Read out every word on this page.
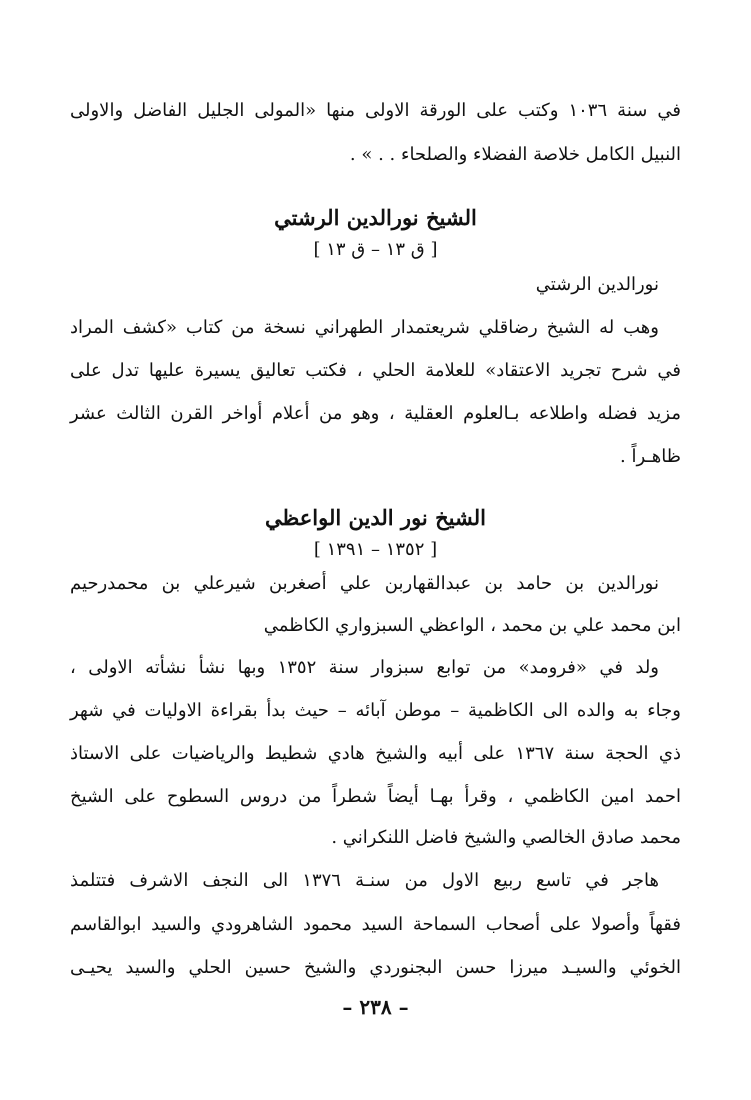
في سنة ١٠٣٦ وكتب على الورقة الاولى منها «المولى الجليل الفاضل والاولى
النبيل الكامل خلاصة الفضلاء والصلحاء . . » .
الشيخ نورالدين الرشتي
[ ق ١٣ – ق ١٣ ]
نورالدين الرشتي
وهب له الشيخ رضاقلي شريعتمدار الطهراني نسخة من كتاب «كشف المراد
في شرح تجريد الاعتقاد» للعلامة الحلي ، فكتب تعاليق يسيرة عليها تدل على
مزيد فضله واطلاعه بـالعلوم العقلية ، وهو من أعلام أواخر القرن الثالث عشر
ظاهـراً .
الشيخ نور الدين الواعظي
[ ١٣٥٢ – ١٣٩١ ]
نورالدين بن حامد بن عبدالقهاربن علي أصغربن شيرعلي بن محمدرحيم
ابن محمد علي بن محمد ، الواعظي السبزواري الكاظمي
ولد في «فرومد» من توابع سبزوار سنة ١٣٥٢ وبها نشأ نشأته الاولى ،
وجاء به والده الى الكاظمية – موطن آبائه – حيث بدأ بقراءة الاوليات في شهر
ذي الحجة سنة ١٣٦٧ على أبيه والشيخ هادي شطيط والرياضيات على الاستاذ
احمد امين الكاظمي ، وقرأ بهـا أيضاً شطراً من دروس السطوح على الشيخ
محمد صادق الخالصي والشيخ فاضل اللنكراني .
هاجر في تاسع ربيع الاول من سنـة ١٣٧٦ الى النجف الاشرف فتتلمذ
فقهاً وأصولا على أصحاب السماحة السيد محمود الشاهرودي والسيد ابوالقاسم
الخوئي والسيـد ميرزا حسن البجنوردي والشيخ حسين الحلي والسيد يحيـى
– ٢٣٨ –
